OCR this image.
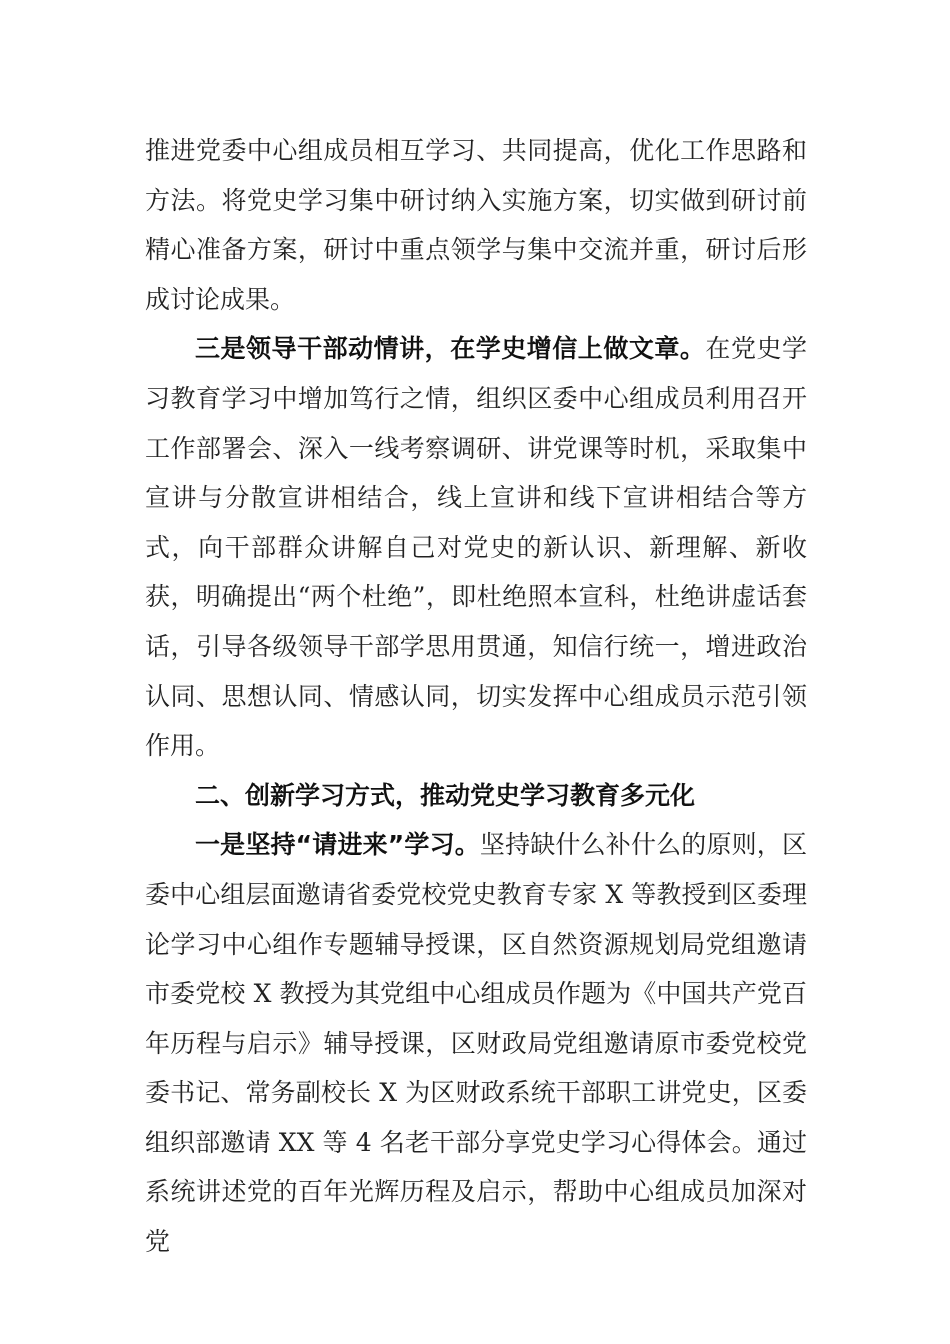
推进党委中心组成员相互学习、共同提高，优化工作思路和方法。将党史学习集中研讨纳入实施方案，切实做到研讨前精心准备方案，研讨中重点领学与集中交流并重，研讨后形成讨论成果。

三是领导干部动情讲，在学史增信上做文章。在党史学习教育学习中增加笃行之情，组织区委中心组成员利用召开工作部署会、深入一线考察调研、讲党课等时机，采取集中宣讲与分散宣讲相结合，线上宣讲和线下宣讲相结合等方式，向干部群众讲解自己对党史的新认识、新理解、新收获，明确提出“两个杜绝”，即杜绝照本宣科，杜绝讲虚话套话，引导各级领导干部学思用贯通，知信行统一，增进政治认同、思想认同、情感认同，切实发挥中心组成员示范引领作用。

二、创新学习方式，推动党史学习教育多元化

一是坚持“请进来”学习。坚持缺什么补什么的原则，区委中心组层面邀请省委党校党史教育专家 X 等教授到区委理论学习中心组作专题辅导授课，区自然资源规划局党组邀请市委党校 X 教授为其党组中心组成员作题为《中国共产党百年历程与启示》辅导授课，区财政局党组邀请原市委党校党委书记、常务副校长 X 为区财政系统干部职工讲党史，区委组织部邀请 XX 等 4 名老干部分享党史学习心得体会。通过系统讲述党的百年光辉历程及启示，帮助中心组成员加深对党
